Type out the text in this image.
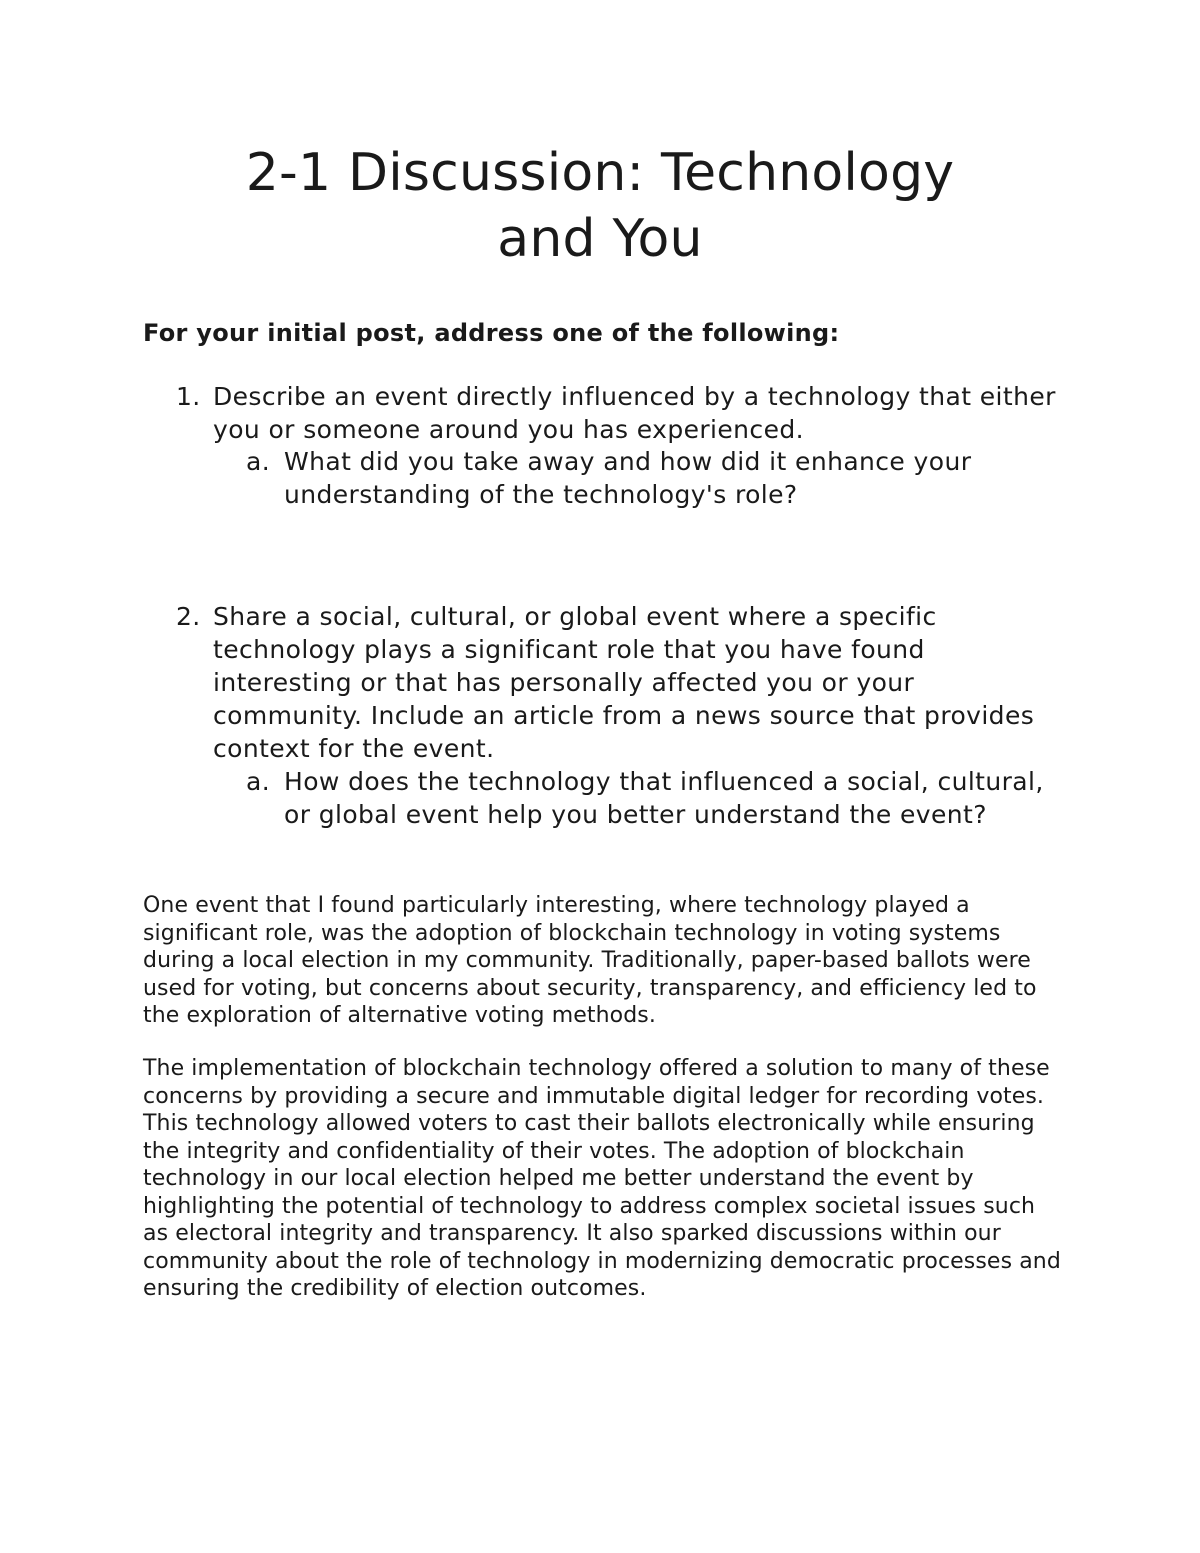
2-1 Discussion: Technology
and You

For your initial post, address one of the following:

1. Describe an event directly influenced by a technology that either you or someone around you has experienced.
a. What did you take away and how did it enhance your understanding of the technology's role?
2. Share a social, cultural, or global event where a specific technology plays a significant role that you have found interesting or that has personally affected you or your community. Include an article from a news source that provides context for the event.
a. How does the technology that influenced a social, cultural, or global event help you better understand the event?

One event that I found particularly interesting, where technology played a significant role, was the adoption of blockchain technology in voting systems during a local election in my community. Traditionally, paper-based ballots were used for voting, but concerns about security, transparency, and efficiency led to the exploration of alternative voting methods.

The implementation of blockchain technology offered a solution to many of these concerns by providing a secure and immutable digital ledger for recording votes. This technology allowed voters to cast their ballots electronically while ensuring the integrity and confidentiality of their votes. The adoption of blockchain technology in our local election helped me better understand the event by highlighting the potential of technology to address complex societal issues such as electoral integrity and transparency. It also sparked discussions within our community about the role of technology in modernizing democratic processes and ensuring the credibility of election outcomes.
